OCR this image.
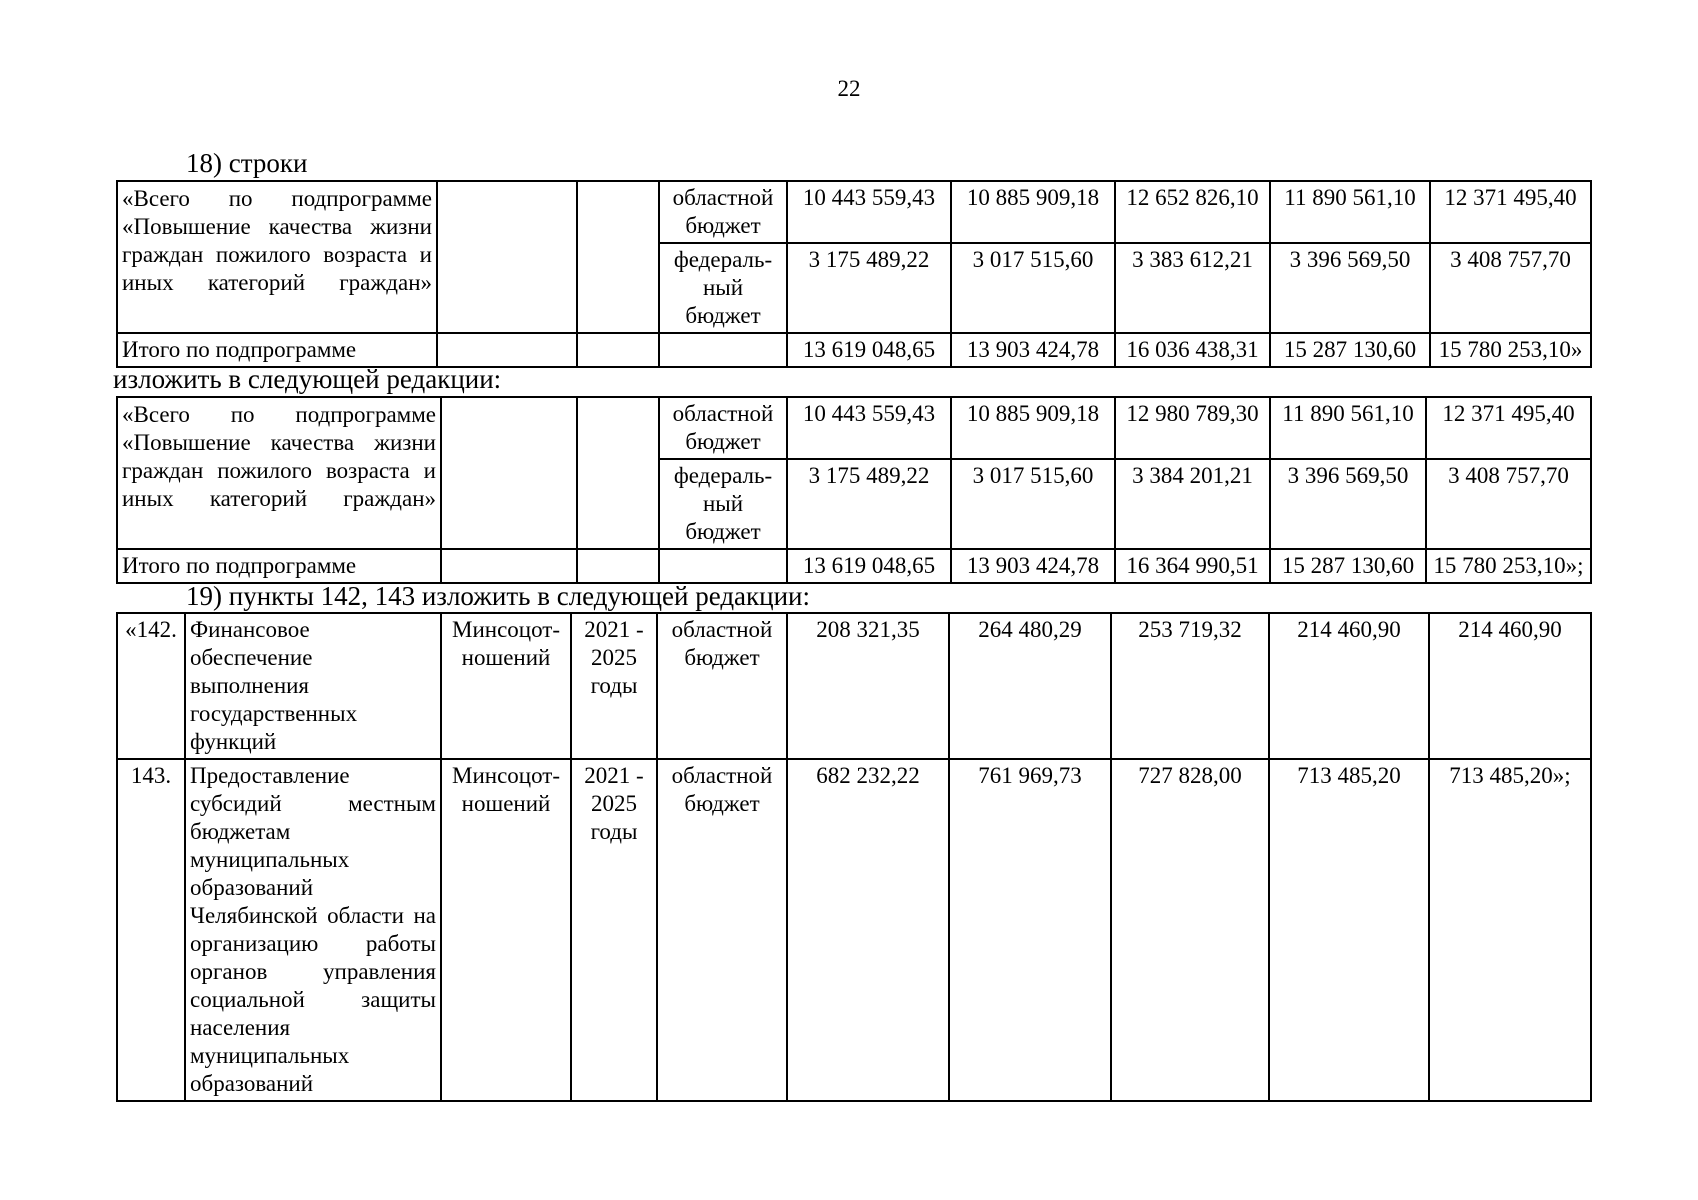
22
18) строки
«Всего по подпрограмме «Повышение качества жизни граждан пожилого возраста и иных категорий граждан»			областной бюджет	10 443 559,43	10 885 909,18	12 652 826,10	11 890 561,10	12 371 495,40
			федераль-ный бюджет	3 175 489,22	3 017 515,60	3 383 612,21	3 396 569,50	3 408 757,70
Итого по подпрограмме				13 619 048,65	13 903 424,78	16 036 438,31	15 287 130,60	15 780 253,10»
изложить в следующей редакции:
«Всего по подпрограмме «Повышение качества жизни граждан пожилого возраста и иных категорий граждан»			областной бюджет	10 443 559,43	10 885 909,18	12 980 789,30	11 890 561,10	12 371 495,40
			федераль-ный бюджет	3 175 489,22	3 017 515,60	3 384 201,21	3 396 569,50	3 408 757,70
Итого по подпрограмме				13 619 048,65	13 903 424,78	16 364 990,51	15 287 130,60	15 780 253,10»;
19) пункты 142, 143 изложить в следующей редакции:
«142.	Финансовое обеспечение выполнения государственных функций	Минсоцот-ношений	2021 - 2025 годы	областной бюджет	208 321,35	264 480,29	253 719,32	214 460,90	214 460,90
143.	Предоставление субсидий местным бюджетам муниципальных образований Челябинской области на организацию работы органов управления социальной защиты населения муниципальных образований	Минсоцот-ношений	2021 - 2025 годы	областной бюджет	682 232,22	761 969,73	727 828,00	713 485,20	713 485,20»;
